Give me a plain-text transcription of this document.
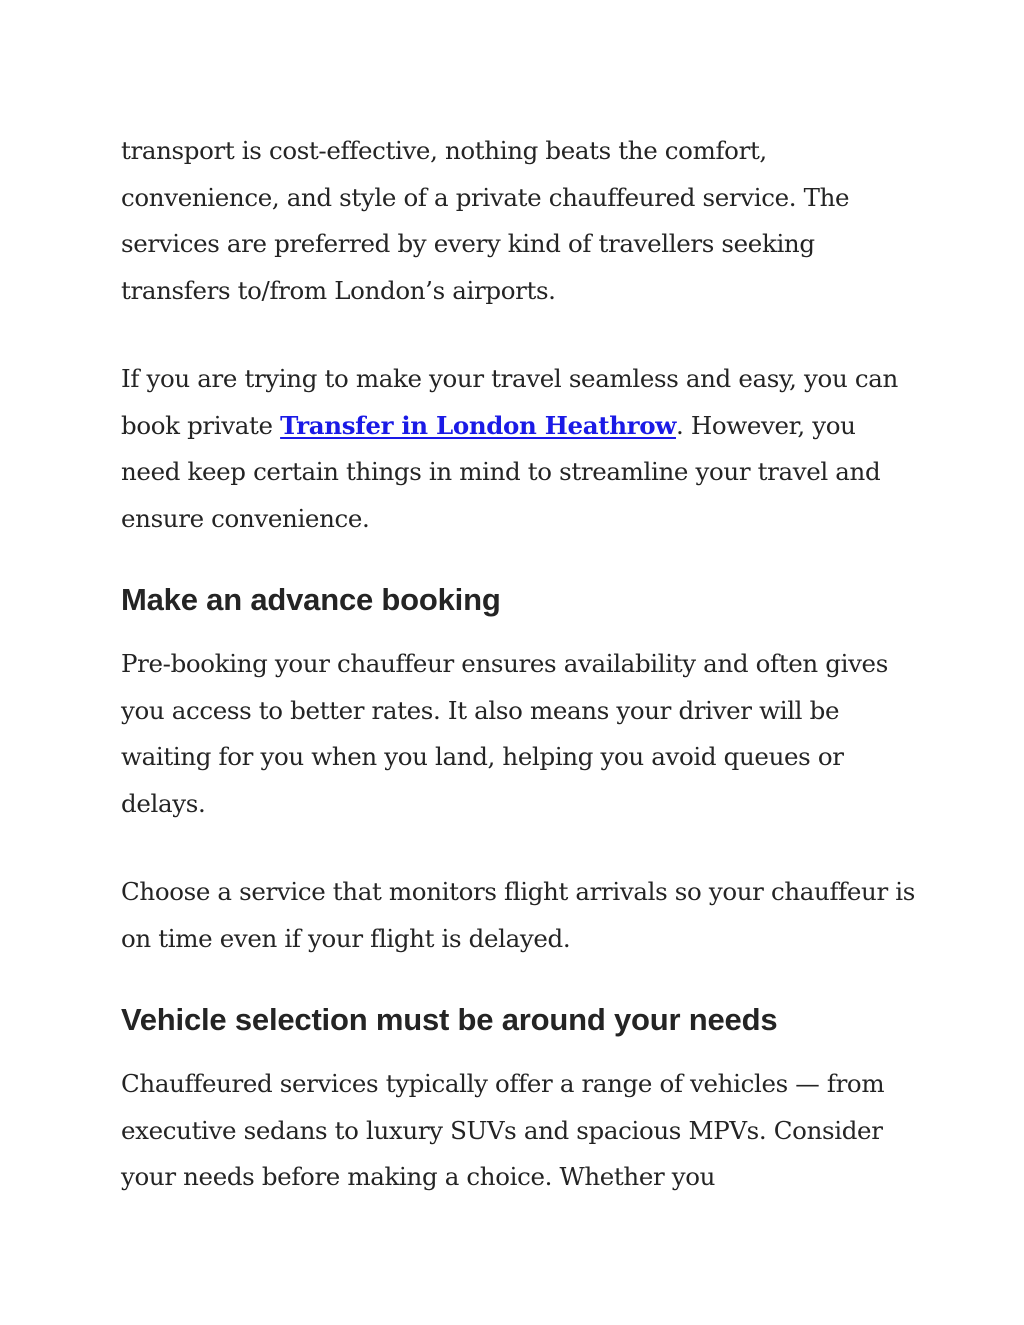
transport is cost-effective, nothing beats the comfort, convenience, and style of a private chauffeured service. The services are preferred by every kind of travellers seeking transfers to/from London’s airports.

If you are trying to make your travel seamless and easy, you can book private Transfer in London Heathrow. However, you need keep certain things in mind to streamline your travel and ensure convenience.

Make an advance booking

Pre-booking your chauffeur ensures availability and often gives you access to better rates. It also means your driver will be waiting for you when you land, helping you avoid queues or delays.

Choose a service that monitors flight arrivals so your chauffeur is on time even if your flight is delayed.

Vehicle selection must be around your needs

Chauffeured services typically offer a range of vehicles — from executive sedans to luxury SUVs and spacious MPVs. Consider your needs before making a choice. Whether you
